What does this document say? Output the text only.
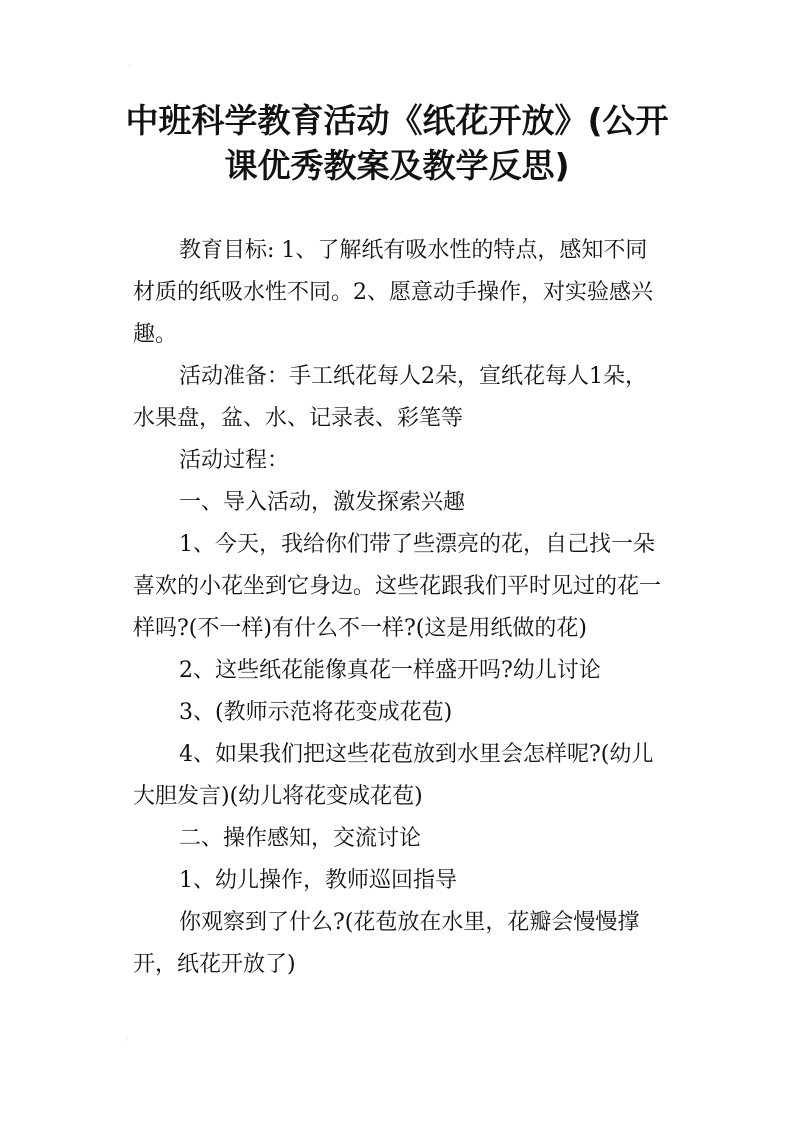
·
中班科学教育活动《纸花开放》(公开
课优秀教案及教学反思)

教育目标: 1、了解纸有吸水性的特点，感知不同材质的纸吸水性不同。2、愿意动手操作，对实验感兴趣。

活动准备：手工纸花每人2朵，宣纸花每人1朵，水果盘，盆、水、记录表、彩笔等

活动过程：

一、导入活动，激发探索兴趣

1、今天，我给你们带了些漂亮的花，自己找一朵喜欢的小花坐到它身边。这些花跟我们平时见过的花一样吗?(不一样)有什么不一样?(这是用纸做的花)

2、这些纸花能像真花一样盛开吗?幼儿讨论

3、(教师示范将花变成花苞)

4、如果我们把这些花苞放到水里会怎样呢?(幼儿大胆发言)(幼儿将花变成花苞)

二、操作感知，交流讨论

1、幼儿操作，教师巡回指导

你观察到了什么?(花苞放在水里，花瓣会慢慢撑开，纸花开放了)

·
